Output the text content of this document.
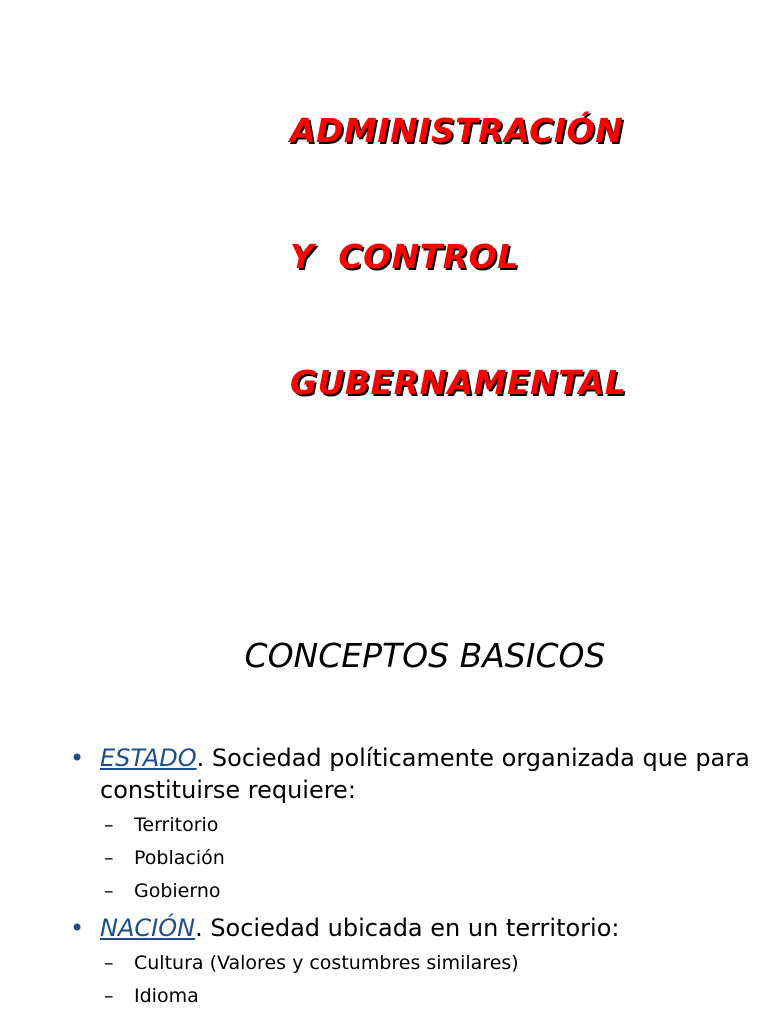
ADMINISTRACIÓN

Y  CONTROL

GUBERNAMENTAL

CONCEPTOS BASICOS
• ESTADO. Sociedad políticamente organizada que para constituirse requiere:
– Territorio
– Población
– Gobierno
• NACIÓN. Sociedad ubicada en un territorio:
– Cultura (Valores y costumbres similares)
– Idioma
